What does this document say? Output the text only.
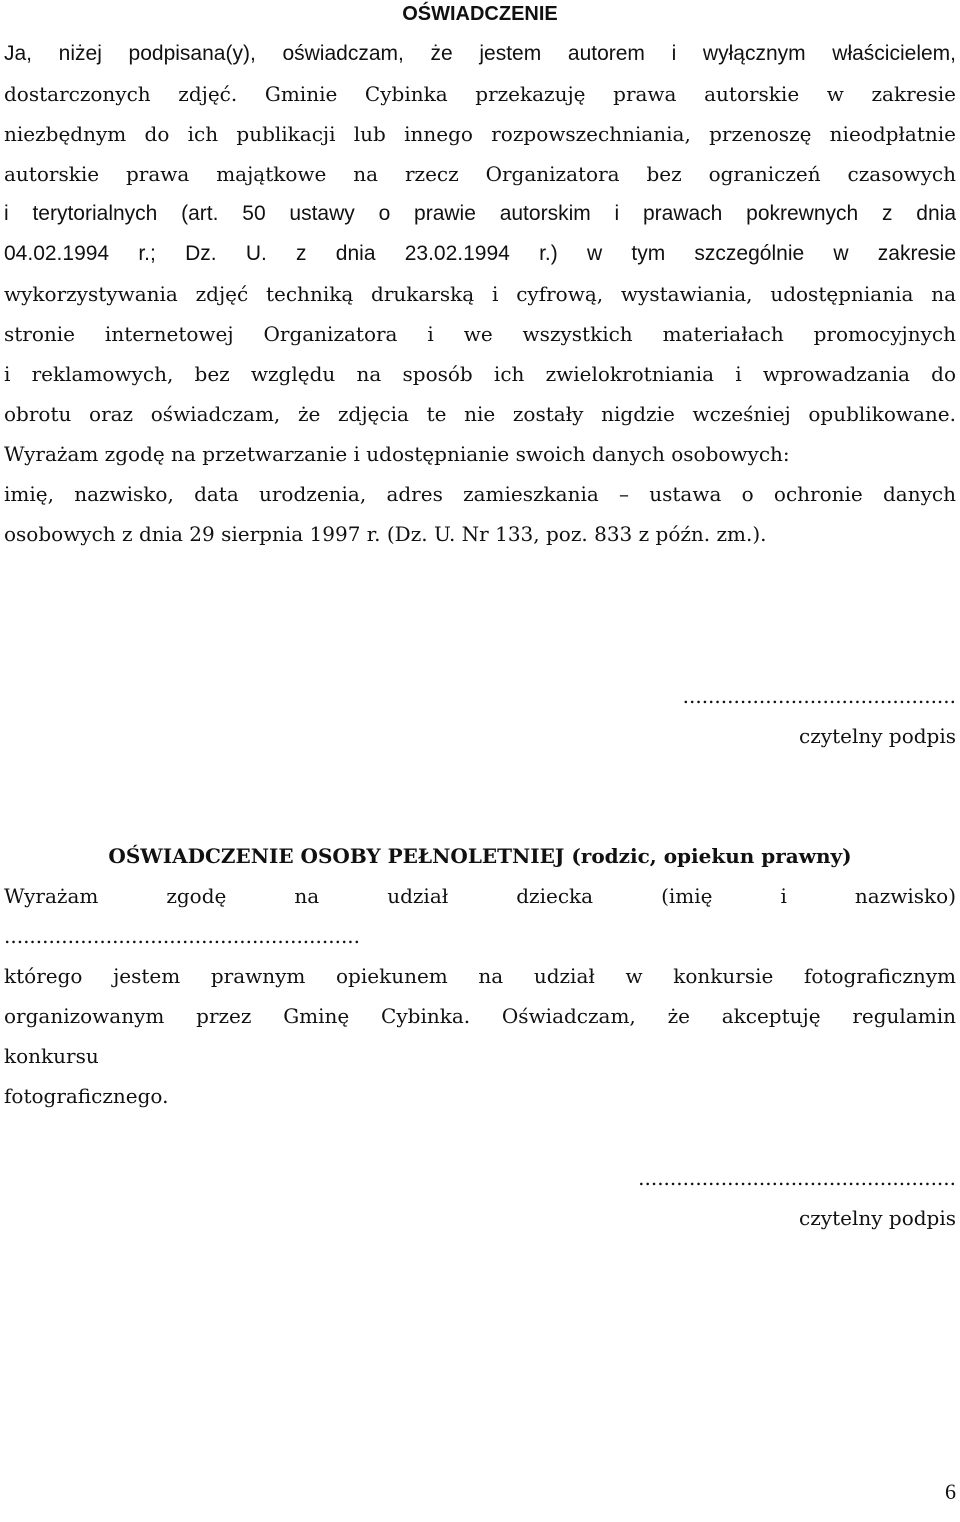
OŚWIADCZENIE
Ja, niżej podpisana(y), oświadczam, że jestem autorem i wyłącznym właścicielem,
dostarczonych zdjęć. Gminie Cybinka przekazuję prawa autorskie w zakresie
niezbędnym do ich publikacji lub innego rozpowszechniania, przenoszę nieodpłatnie
autorskie prawa majątkowe na rzecz Organizatora bez ograniczeń czasowych
i terytorialnych (art. 50 ustawy o prawie autorskim i prawach pokrewnych z dnia
04.02.1994 r.; Dz. U. z dnia 23.02.1994 r.) w tym szczególnie w zakresie
wykorzystywania zdjęć techniką drukarską i cyfrową, wystawiania, udostępniania na
stronie internetowej Organizatora i we wszystkich materiałach promocyjnych
i reklamowych, bez względu na sposób ich zwielokrotniania i wprowadzania do
obrotu oraz oświadczam, że zdjęcia te nie zostały nigdzie wcześniej opublikowane.
Wyrażam zgodę na przetwarzanie i udostępnianie swoich danych osobowych:
imię, nazwisko, data urodzenia, adres zamieszkania – ustawa o ochronie danych
osobowych z dnia 29 sierpnia 1997 r. (Dz. U. Nr 133, poz. 833 z późn. zm.).
...........................................
czytelny podpis
OŚWIADCZENIE OSOBY PEŁNOLETNIEJ (rodzic, opiekun prawny)
Wyrażam zgodę na udział dziecka (imię i nazwisko)
........................................................
którego jestem prawnym opiekunem na udział w konkursie fotograficznym
organizowanym przez Gminę Cybinka. Oświadczam, że akceptuję regulamin
konkursu
fotograficznego.
..................................................
czytelny podpis
6
